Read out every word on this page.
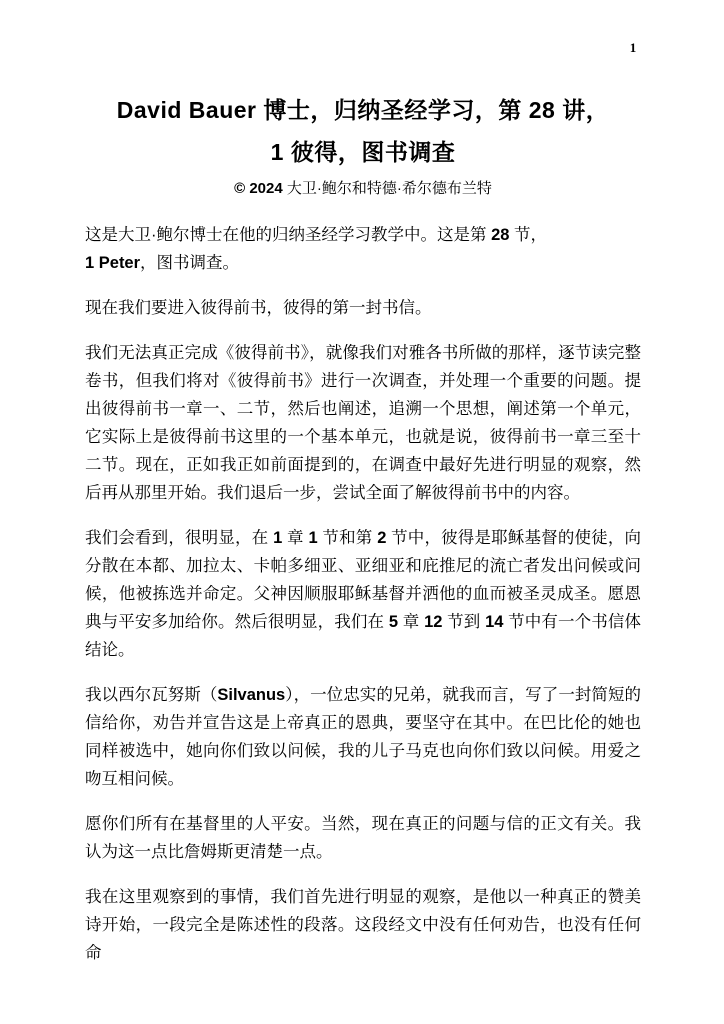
1
David Bauer 博士，归纳圣经学习，第 28 讲，
1 彼得，图书调查
© 2024 大卫·鲍尔和特德·希尔德布兰特

这是大卫·鲍尔博士在他的归纳圣经学习教学中。这是第 28 节，
1 Peter，图书调查。

现在我们要进入彼得前书，彼得的第一封书信。

我们无法真正完成《彼得前书》，就像我们对雅各书所做的那样，逐节读完整卷书，但我们将对《彼得前书》进行一次调查，并处理一个重要的问题。提出彼得前书一章一、二节，然后也阐述，追溯一个思想，阐述第一个单元，它实际上是彼得前书这里的一个基本单元，也就是说，彼得前书一章三至十二节。现在，正如我正如前面提到的，在调查中最好先进行明显的观察，然后再从那里开始。我们退后一步，尝试全面了解彼得前书中的内容。

我们会看到，很明显，在 1 章 1 节和第 2 节中，彼得是耶稣基督的使徒，向分散在本都、加拉太、卡帕多细亚、亚细亚和庇推尼的流亡者发出问候或问候，他被拣选并命定。父神因顺服耶稣基督并洒他的血而被圣灵成圣。愿恩典与平安多加给你。然后很明显，我们在 5 章 12 节到 14 节中有一个书信体结论。

我以西尔瓦努斯（Silvanus），一位忠实的兄弟，就我而言，写了一封简短的信给你，劝告并宣告这是上帝真正的恩典，要坚守在其中。在巴比伦的她也同样被选中，她向你们致以问候，我的儿子马克也向你们致以问候。用爱之吻互相问候。

愿你们所有在基督里的人平安。当然，现在真正的问题与信的正文有关。我认为这一点比詹姆斯更清楚一点。

我在这里观察到的事情，我们首先进行明显的观察，是他以一种真正的赞美诗开始，一段完全是陈述性的段落。这段经文中没有任何劝告，也没有任何命
